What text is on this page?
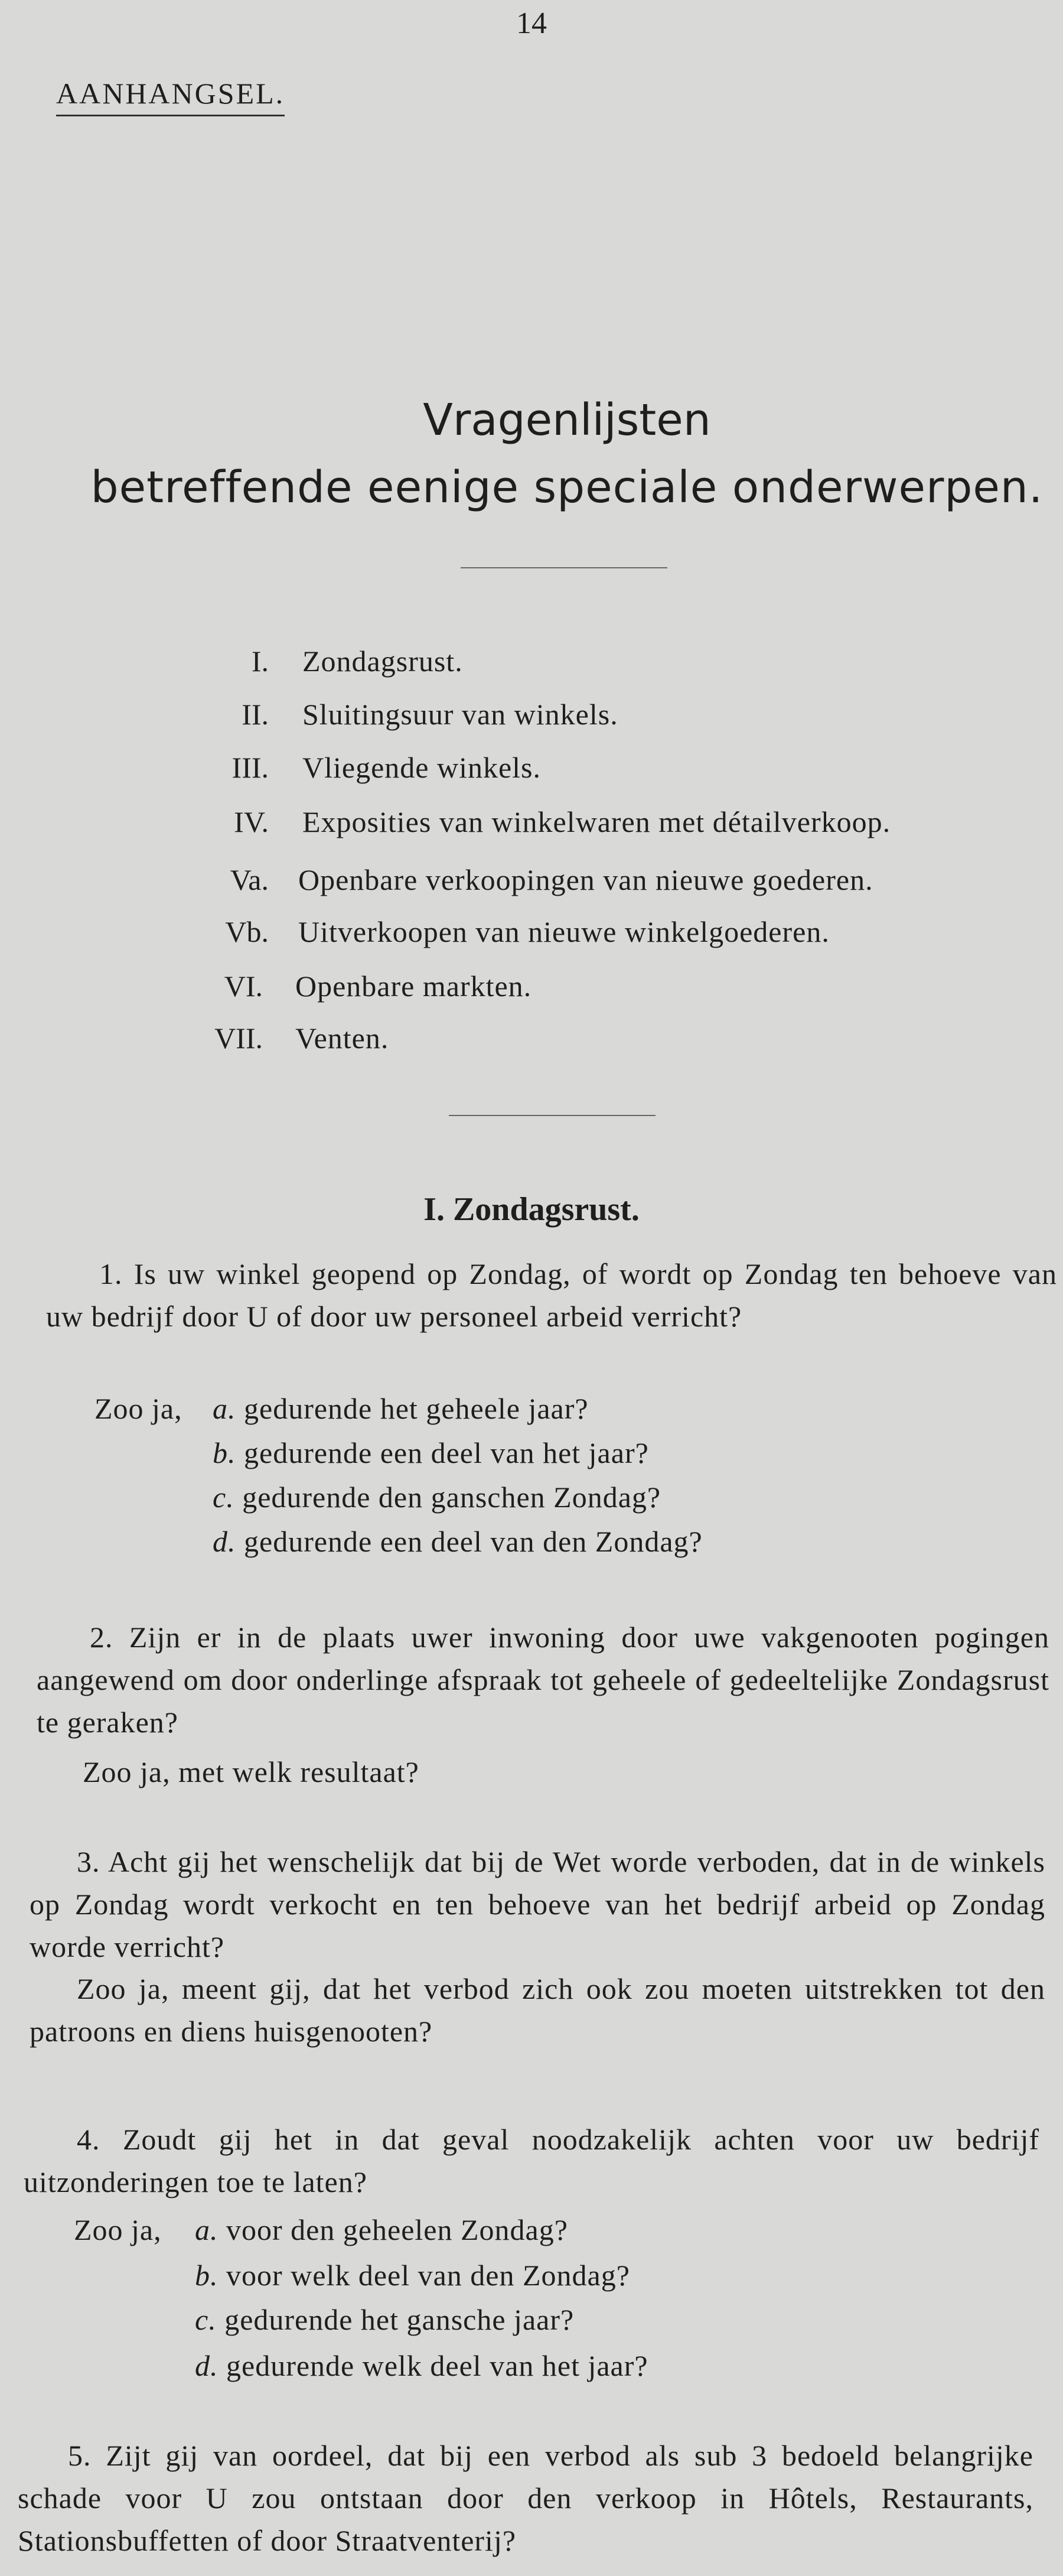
14
AANHANGSEL.
Vragenlijsten
betreffende eenige speciale onderwerpen.
I. Zondagsrust.
II. Sluitingsuur van winkels.
III. Vliegende winkels.
IV. Exposities van winkelwaren met détailverkoop.
Va. Openbare verkoopingen van nieuwe goederen.
Vb. Uitverkoopen van nieuwe winkelgoederen.
VI. Openbare markten.
VII. Venten.
I. Zondagsrust.
1. Is uw winkel geopend op Zondag, of wordt op Zondag ten behoeve van uw bedrijf door U of door uw personeel arbeid verricht?
Zoo ja, a. gedurende het geheele jaar?
b. gedurende een deel van het jaar?
c. gedurende den ganschen Zondag?
d. gedurende een deel van den Zondag?
2. Zijn er in de plaats uwer inwoning door uwe vakgenooten pogingen aangewend om door onderlinge afspraak tot geheele of gedeeltelijke Zondagsrust te geraken?
Zoo ja, met welk resultaat?
3. Acht gij het wenschelijk dat bij de Wet worde verboden, dat in de winkels op Zondag wordt verkocht en ten behoeve van het bedrijf arbeid op Zondag worde verricht?
Zoo ja, meent gij, dat het verbod zich ook zou moeten uitstrekken tot den patroons en diens huisgenooten?
4. Zoudt gij het in dat geval noodzakelijk achten voor uw bedrijf uitzonderingen toe te laten?
Zoo ja, a. voor den geheelen Zondag?
b. voor welk deel van den Zondag?
c. gedurende het gansche jaar?
d. gedurende welk deel van het jaar?
5. Zijt gij van oordeel, dat bij een verbod als sub 3 bedoeld belangrijke schade voor U zou ontstaan door den verkoop in Hôtels, Restaurants, Stationsbuffetten of door Straatventerij?
